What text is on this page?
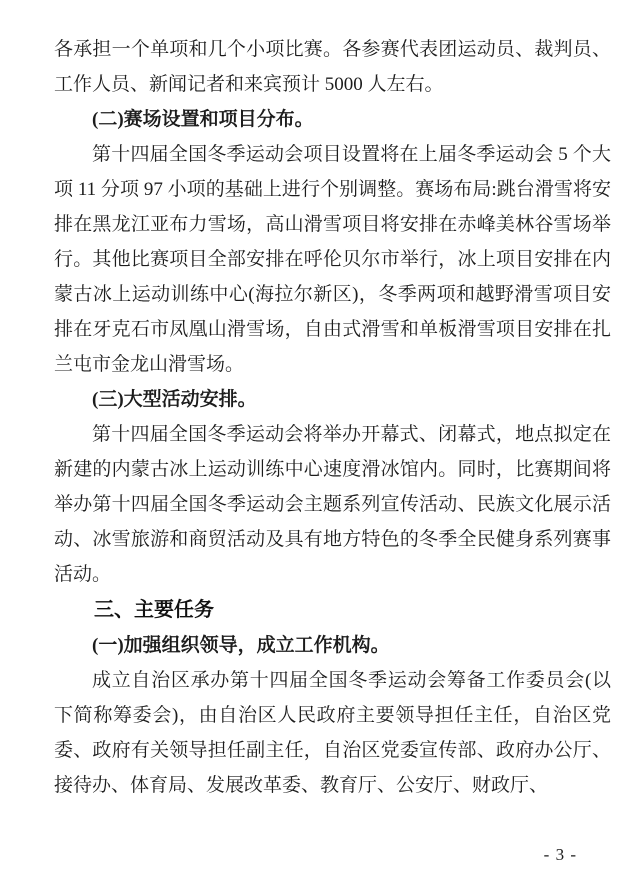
各承担一个单项和几个小项比赛。各参赛代表团运动员、裁判员、工作人员、新闻记者和来宾预计 5000 人左右。

(二)赛场设置和项目分布。

第十四届全国冬季运动会项目设置将在上届冬季运动会 5 个大项 11 分项 97 小项的基础上进行个别调整。赛场布局:跳台滑雪将安排在黑龙江亚布力雪场，高山滑雪项目将安排在赤峰美林谷雪场举行。其他比赛项目全部安排在呼伦贝尔市举行，冰上项目安排在内蒙古冰上运动训练中心(海拉尔新区)，冬季两项和越野滑雪项目安排在牙克石市凤凰山滑雪场，自由式滑雪和单板滑雪项目安排在扎兰屯市金龙山滑雪场。

(三)大型活动安排。

第十四届全国冬季运动会将举办开幕式、闭幕式，地点拟定在新建的内蒙古冰上运动训练中心速度滑冰馆内。同时，比赛期间将举办第十四届全国冬季运动会主题系列宣传活动、民族文化展示活动、冰雪旅游和商贸活动及具有地方特色的冬季全民健身系列赛事活动。

三、主要任务

(一)加强组织领导，成立工作机构。

成立自治区承办第十四届全国冬季运动会筹备工作委员会(以下简称筹委会)，由自治区人民政府主要领导担任主任，自治区党委、政府有关领导担任副主任，自治区党委宣传部、政府办公厅、接待办、体育局、发展改革委、教育厅、公安厅、财政厅、

- 3 -
